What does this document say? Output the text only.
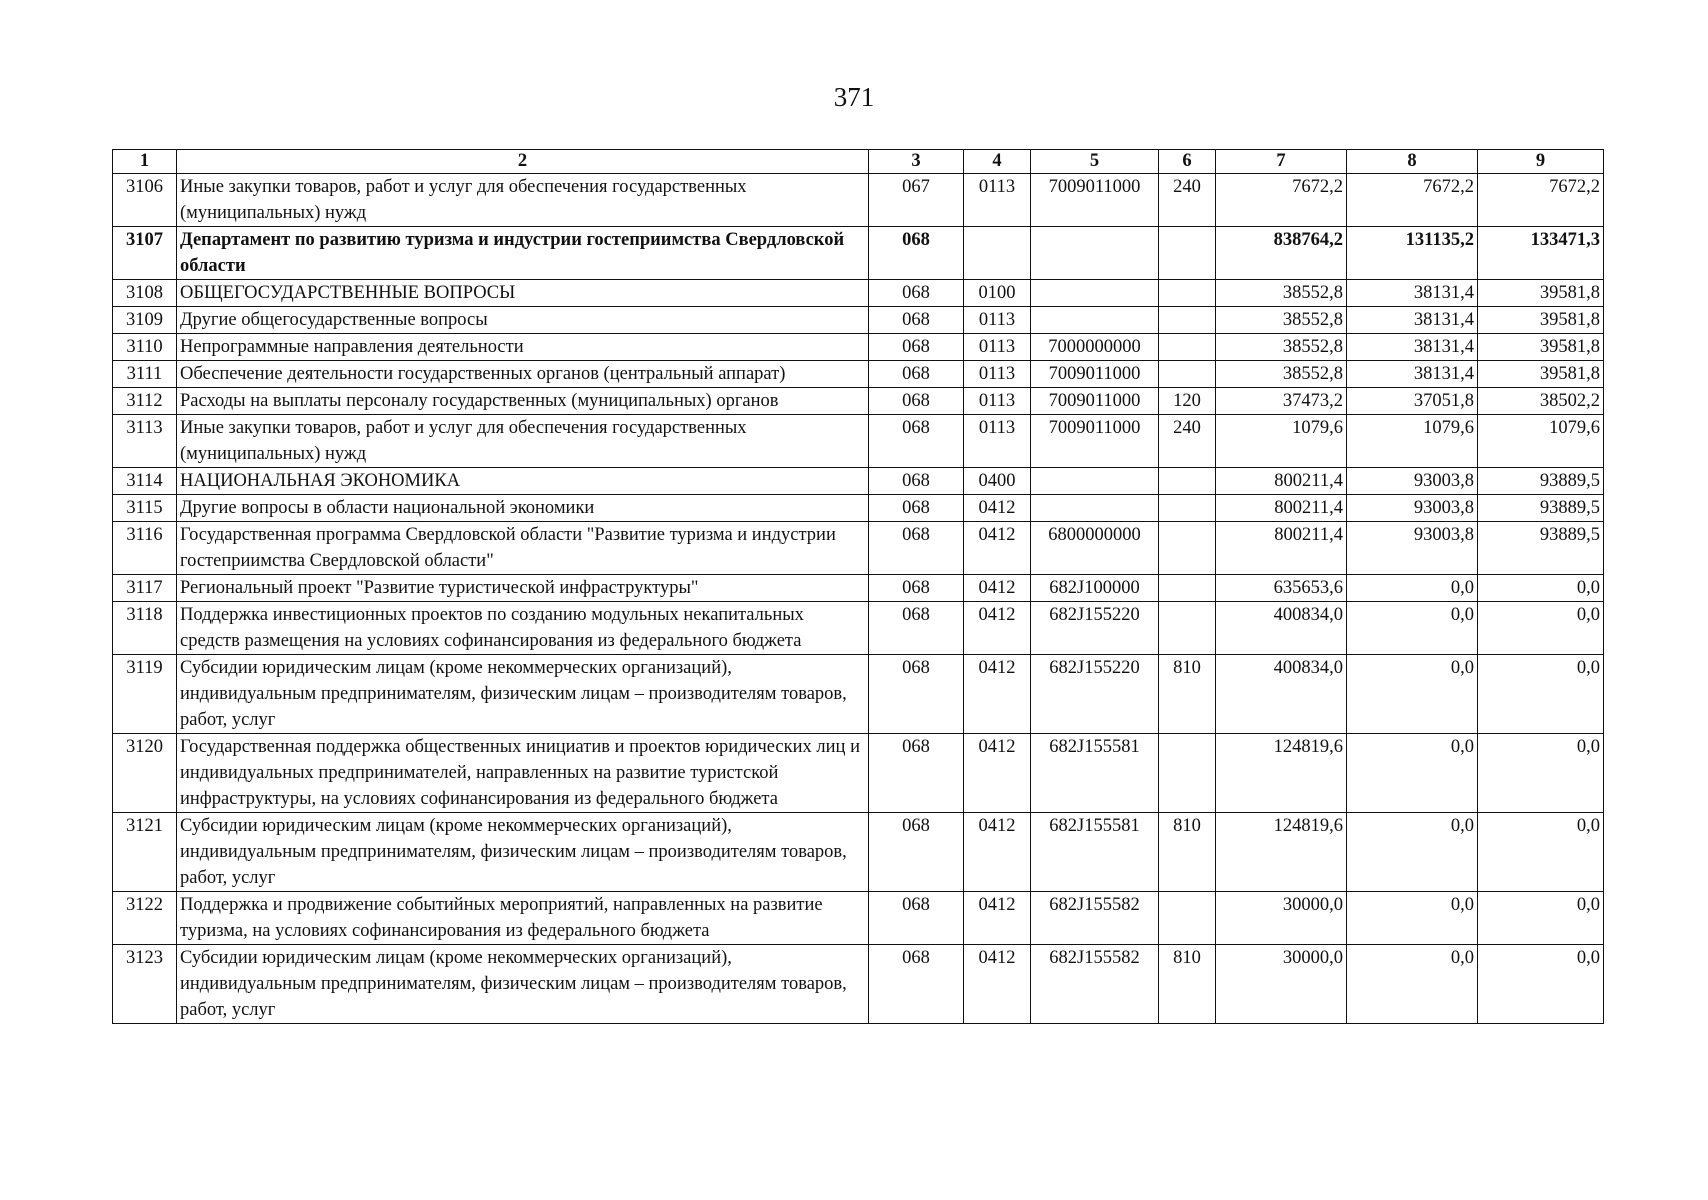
371
1	2	3	4	5	6	7	8	9
3106	Иные закупки товаров, работ и услуг для обеспечения государственных (муниципальных) нужд	067	0113	7009011000	240	7672,2	7672,2	7672,2
3107	Департамент по развитию туризма и индустрии гостеприимства Свердловской области	068				838764,2	131135,2	133471,3
3108	ОБЩЕГОСУДАРСТВЕННЫЕ ВОПРОСЫ	068	0100			38552,8	38131,4	39581,8
3109	Другие общегосударственные вопросы	068	0113			38552,8	38131,4	39581,8
3110	Непрограммные направления деятельности	068	0113	7000000000		38552,8	38131,4	39581,8
3111	Обеспечение деятельности государственных органов (центральный аппарат)	068	0113	7009011000		38552,8	38131,4	39581,8
3112	Расходы на выплаты персоналу государственных (муниципальных) органов	068	0113	7009011000	120	37473,2	37051,8	38502,2
3113	Иные закупки товаров, работ и услуг для обеспечения государственных (муниципальных) нужд	068	0113	7009011000	240	1079,6	1079,6	1079,6
3114	НАЦИОНАЛЬНАЯ ЭКОНОМИКА	068	0400			800211,4	93003,8	93889,5
3115	Другие вопросы в области национальной экономики	068	0412			800211,4	93003,8	93889,5
3116	Государственная программа Свердловской области "Развитие туризма и индустрии гостеприимства Свердловской области"	068	0412	6800000000		800211,4	93003,8	93889,5
3117	Региональный проект "Развитие туристической инфраструктуры"	068	0412	682J100000		635653,6	0,0	0,0
3118	Поддержка инвестиционных проектов по созданию модульных некапитальных средств размещения на условиях софинансирования из федерального бюджета	068	0412	682J155220		400834,0	0,0	0,0
3119	Субсидии юридическим лицам (кроме некоммерческих организаций), индивидуальным предпринимателям, физическим лицам – производителям товаров, работ, услуг	068	0412	682J155220	810	400834,0	0,0	0,0
3120	Государственная поддержка общественных инициатив и проектов юридических лиц и индивидуальных предпринимателей, направленных на развитие туристской инфраструктуры, на условиях софинансирования из федерального бюджета	068	0412	682J155581		124819,6	0,0	0,0
3121	Субсидии юридическим лицам (кроме некоммерческих организаций), индивидуальным предпринимателям, физическим лицам – производителям товаров, работ, услуг	068	0412	682J155581	810	124819,6	0,0	0,0
3122	Поддержка и продвижение событийных мероприятий, направленных на развитие туризма, на условиях софинансирования из федерального бюджета	068	0412	682J155582		30000,0	0,0	0,0
3123	Субсидии юридическим лицам (кроме некоммерческих организаций), индивидуальным предпринимателям, физическим лицам – производителям товаров, работ, услуг	068	0412	682J155582	810	30000,0	0,0	0,0
